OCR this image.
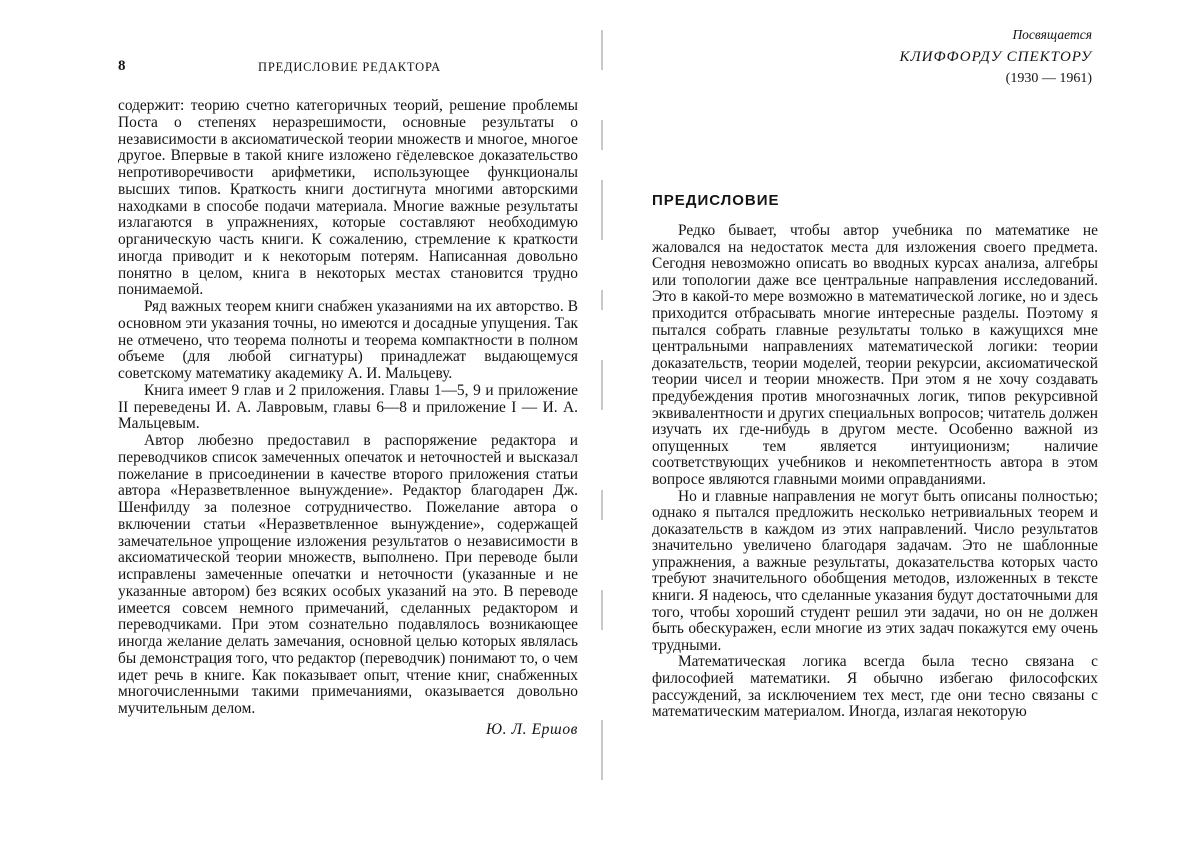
8	ПРЕДИСЛОВИЕ РЕДАКТОРА

содержит: теорию счетно категоричных теорий, решение проблемы Поста о степенях неразрешимости, основные результаты о независимости в аксиоматической теории множеств и многое, многое другое. Впервые в такой книге изложено гёделевское доказательство непротиворечивости арифметики, использующее функционалы высших типов. Краткость книги достигнута многими авторскими находками в способе подачи материала. Многие важные результаты излагаются в упражнениях, которые составляют необходимую органическую часть книги. К сожалению, стремление к краткости иногда приводит и к некоторым потерям. Написанная довольно понятно в целом, книга в некоторых местах становится трудно понимаемой.

Ряд важных теорем книги снабжен указаниями на их авторство. В основном эти указания точны, но имеются и досадные упущения. Так не отмечено, что теорема полноты и теорема компактности в полном объеме (для любой сигнатуры) принадлежат выдающемуся советскому математику академику А. И. Мальцеву.

Книга имеет 9 глав и 2 приложения. Главы 1—5, 9 и приложение II переведены И. А. Лавровым, главы 6—8 и приложение I — И. А. Мальцевым.

Автор любезно предоставил в распоряжение редактора и переводчиков список замеченных опечаток и неточностей и высказал пожелание в присоединении в качестве второго приложения статьи автора «Неразветвленное вынуждение». Редактор благодарен Дж. Шенфилду за полезное сотрудничество. Пожелание автора о включении статьи «Неразветвленное вынуждение», содержащей замечательное упрощение изложения результатов о независимости в аксиоматической теории множеств, выполнено. При переводе были исправлены замеченные опечатки и неточности (указанные и не указанные автором) без всяких особых указаний на это. В переводе имеется совсем немного примечаний, сделанных редактором и переводчиками. При этом сознательно подавлялось возникающее иногда желание делать замечания, основной целью которых являлась бы демонстрация того, что редактор (переводчик) понимают то, о чем идет речь в книге. Как показывает опыт, чтение книг, снабженных многочисленными такими примечаниями, оказывается довольно мучительным делом.

Ю. Л. Ершов
Посвящается
КЛИФФОРДУ СПЕКТОРУ
(1930 — 1961)
ПРЕДИСЛОВИЕ

Редко бывает, чтобы автор учебника по математике не жаловался на недостаток места для изложения своего предмета. Сегодня невозможно описать во вводных курсах анализа, алгебры или топологии даже все центральные направления исследований. Это в какой-то мере возможно в математической логике, но и здесь приходится отбрасывать многие интересные разделы. Поэтому я пытался собрать главные результаты только в кажущихся мне центральными направлениях математической логики: теории доказательств, теории моделей, теории рекурсии, аксиоматической теории чисел и теории множеств. При этом я не хочу создавать предубеждения против многозначных логик, типов рекурсивной эквивалентности и других специальных вопросов; читатель должен изучать их где-нибудь в другом месте. Особенно важной из опущенных тем является интуиционизм; наличие соответствующих учебников и некомпетентность автора в этом вопросе являются главными моими оправданиями.

Но и главные направления не могут быть описаны полностью; однако я пытался предложить несколько нетривиальных теорем и доказательств в каждом из этих направлений. Число результатов значительно увеличено благодаря задачам. Это не шаблонные упражнения, а важные результаты, доказательства которых часто требуют значительного обобщения методов, изложенных в тексте книги. Я надеюсь, что сделанные указания будут достаточными для того, чтобы хороший студент решил эти задачи, но он не должен быть обескуражен, если многие из этих задач покажутся ему очень трудными.

Математическая логика всегда была тесно связана с философией математики. Я обычно избегаю философских рассуждений, за исключением тех мест, где они тесно связаны с математическим материалом. Иногда, излагая некоторую
